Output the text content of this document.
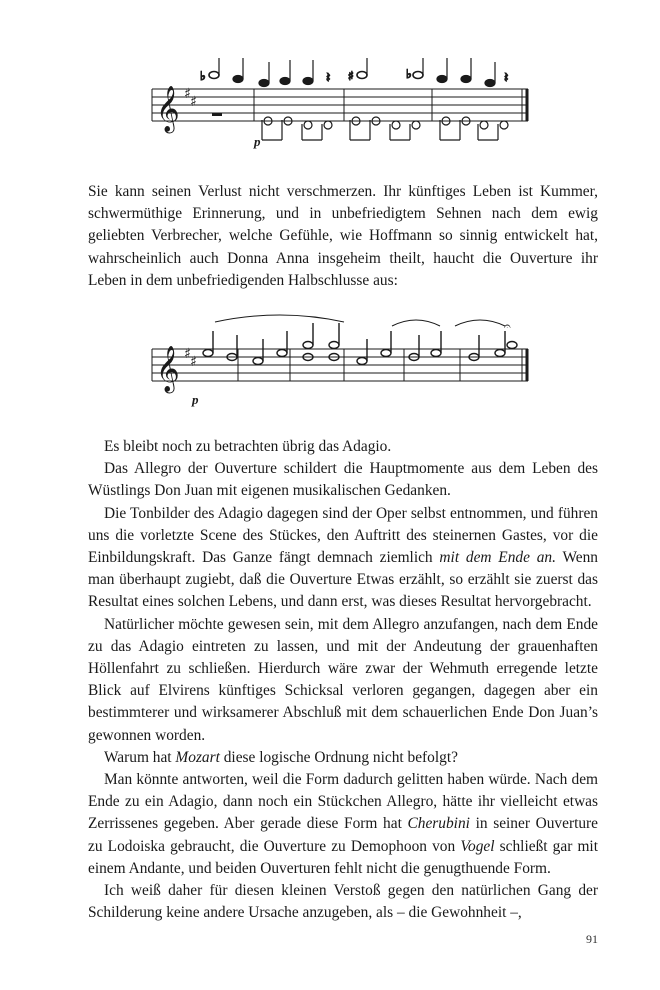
𝄞 ♯ ♯
♭	𝄽 ♯	♭	𝄽
p

Sie kann seinen Verlust nicht verschmerzen. Ihr künftiges Leben ist Kummer, schwermüthige Erinnerung, und in unbefriedigtem Sehnen nach dem ewig geliebten Verbrecher, welche Gefühle, wie Hoffmann so sinnig entwickelt hat, wahrscheinlich auch Donna Anna insgeheim theilt, haucht die Ouverture ihr Leben in dem unbefriedigenden Halbschlusse aus:

𝄞 ♯ ♯
𝄐
p

Es bleibt noch zu betrachten übrig das Adagio.

Das Allegro der Ouverture schildert die Hauptmomente aus dem Leben des Wüstlings Don Juan mit eigenen musikalischen Gedanken.

Die Tonbilder des Adagio dagegen sind der Oper selbst entnommen, und führen uns die vorletzte Scene des Stückes, den Auftritt des steinernen Gastes, vor die Einbildungskraft. Das Ganze fängt demnach ziemlich mit dem Ende an. Wenn man überhaupt zugiebt, daß die Ouverture Etwas erzählt, so erzählt sie zuerst das Resultat eines solchen Lebens, und dann erst, was dieses Resultat hervorgebracht.

Natürlicher möchte gewesen sein, mit dem Allegro anzufangen, nach dem Ende zu das Adagio eintreten zu lassen, und mit der Andeutung der grauenhaften Höllenfahrt zu schließen. Hierdurch wäre zwar der Wehmuth erregende letzte Blick auf Elvirens künftiges Schicksal verloren gegangen, dagegen aber ein bestimmterer und wirksamerer Abschluß mit dem schauerlichen Ende Don Juan’s gewonnen worden.

Warum hat Mozart diese logische Ordnung nicht befolgt?

Man könnte antworten, weil die Form dadurch gelitten haben würde. Nach dem Ende zu ein Adagio, dann noch ein Stückchen Allegro, hätte ihr vielleicht etwas Zerrissenes gegeben. Aber gerade diese Form hat Cherubini in seiner Ouverture zu Lodoiska gebraucht, die Ouverture zu Demophoon von Vogel schließt gar mit einem Andante, und beiden Ouverturen fehlt nicht die genugthuende Form.

Ich weiß daher für diesen kleinen Verstoß gegen den natürlichen Gang der Schilderung keine andere Ursache anzugeben, als – die Gewohnheit –,

91
